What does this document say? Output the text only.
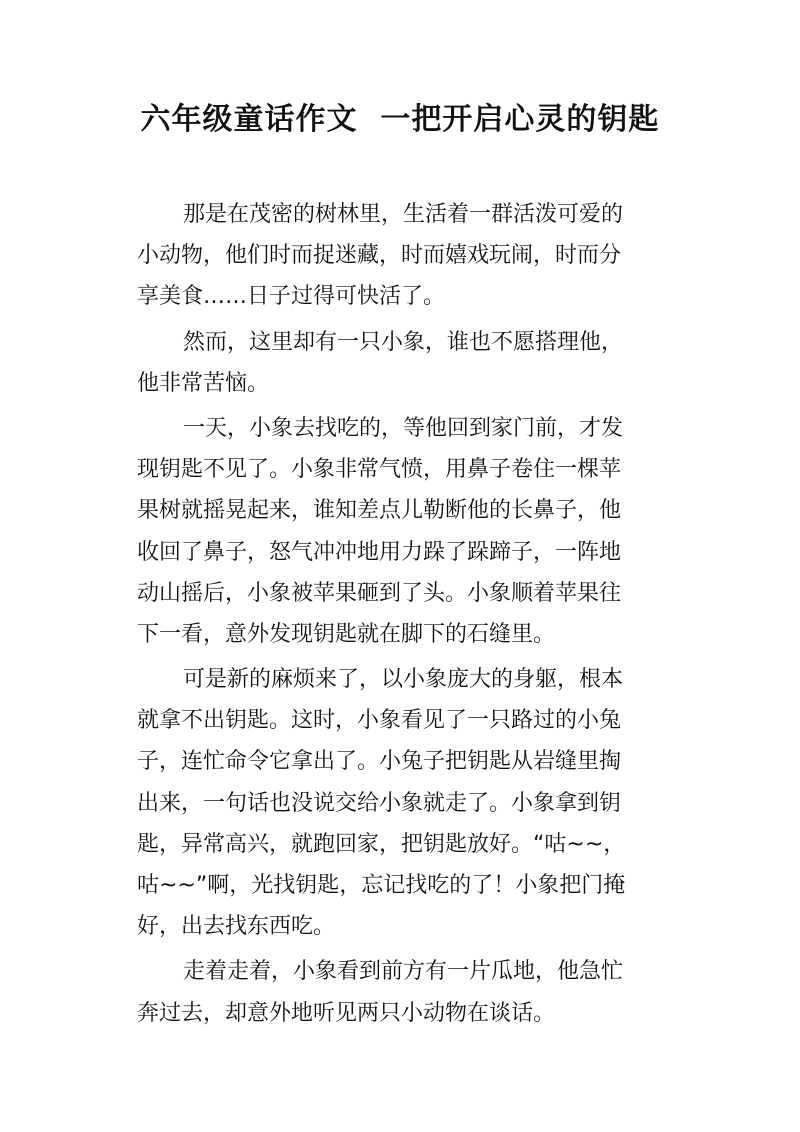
六年级童话作文  一把开启心灵的钥匙

那是在茂密的树林里，生活着一群活泼可爱的
小动物，他们时而捉迷藏，时而嬉戏玩闹，时而分
享美食……日子过得可快活了。

然而，这里却有一只小象，谁也不愿搭理他，
他非常苦恼。

一天，小象去找吃的，等他回到家门前，才发
现钥匙不见了。小象非常气愤，用鼻子卷住一棵苹
果树就摇晃起来，谁知差点儿勒断他的长鼻子，他
收回了鼻子，怒气冲冲地用力跺了跺蹄子，一阵地
动山摇后，小象被苹果砸到了头。小象顺着苹果往
下一看，意外发现钥匙就在脚下的石缝里。

可是新的麻烦来了，以小象庞大的身躯，根本
就拿不出钥匙。这时，小象看见了一只路过的小兔
子，连忙命令它拿出了。小兔子把钥匙从岩缝里掏
出来，一句话也没说交给小象就走了。小象拿到钥
匙，异常高兴，就跑回家，把钥匙放好。“咕~~，
咕~~”啊，光找钥匙，忘记找吃的了！小象把门掩
好，出去找东西吃。

走着走着，小象看到前方有一片瓜地，他急忙
奔过去，却意外地听见两只小动物在谈话。
